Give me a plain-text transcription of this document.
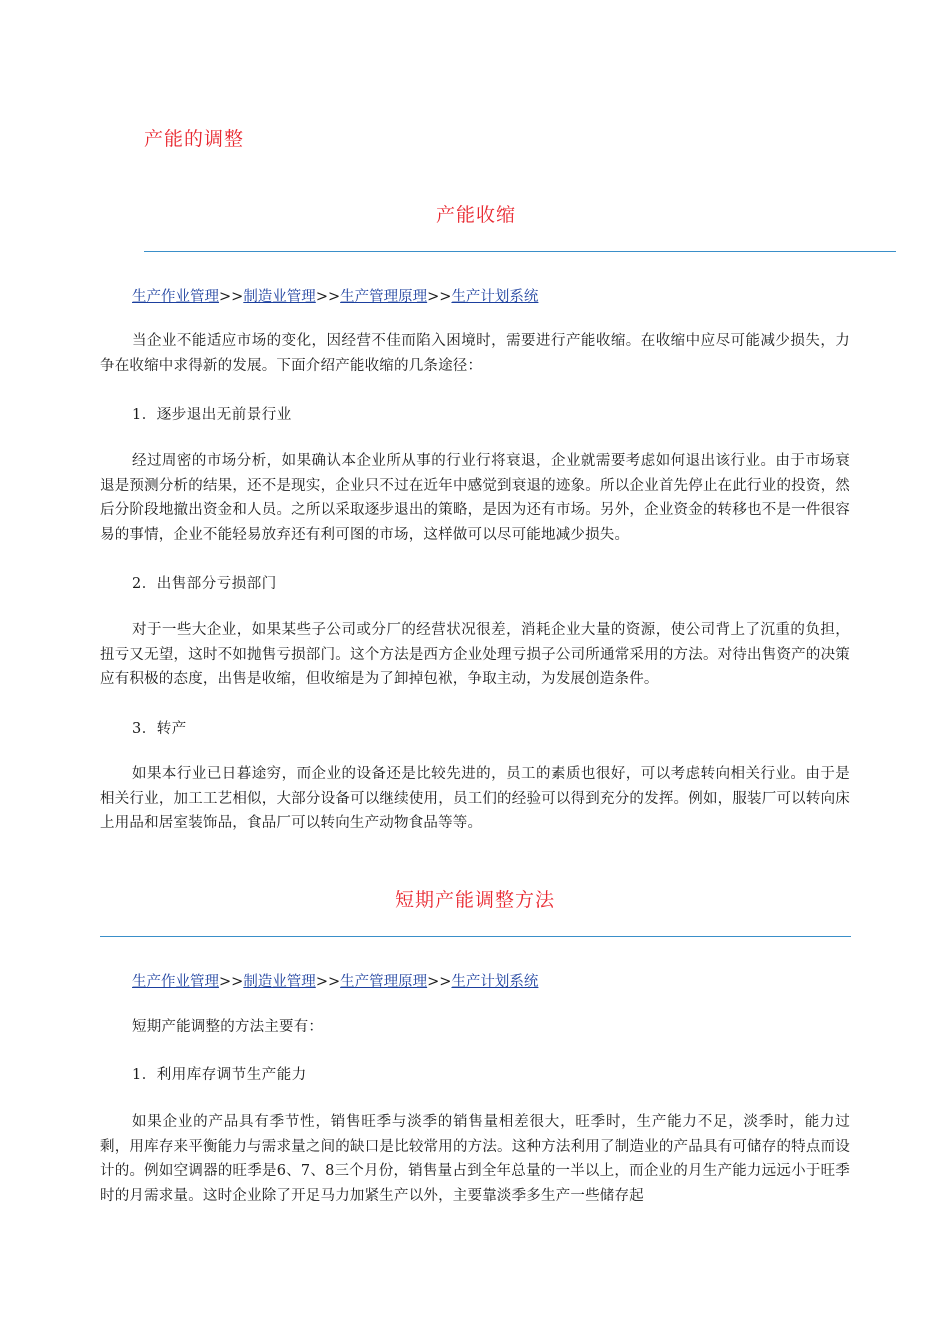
产能的调整
产能收缩
生产作业管理>>制造业管理>>生产管理原理>>生产计划系统

当企业不能适应市场的变化，因经营不佳而陷入困境时，需要进行产能收缩。在收缩中应尽可能减少损失，力争在收缩中求得新的发展。下面介绍产能收缩的几条途径：

1．逐步退出无前景行业

经过周密的市场分析，如果确认本企业所从事的行业行将衰退，企业就需要考虑如何退出该行业。由于市场衰退是预测分析的结果，还不是现实，企业只不过在近年中感觉到衰退的迹象。所以企业首先停止在此行业的投资，然后分阶段地撤出资金和人员。之所以采取逐步退出的策略，是因为还有市场。另外，企业资金的转移也不是一件很容易的事情，企业不能轻易放弃还有利可图的市场，这样做可以尽可能地减少损失。

2．出售部分亏损部门

对于一些大企业，如果某些子公司或分厂的经营状况很差，消耗企业大量的资源，使公司背上了沉重的负担，扭亏又无望，这时不如抛售亏损部门。这个方法是西方企业处理亏损子公司所通常采用的方法。对待出售资产的决策应有积极的态度，出售是收缩，但收缩是为了卸掉包袱，争取主动，为发展创造条件。

3．转产

如果本行业已日暮途穷，而企业的设备还是比较先进的，员工的素质也很好，可以考虑转向相关行业。由于是相关行业，加工工艺相似，大部分设备可以继续使用，员工们的经验可以得到充分的发挥。例如，服装厂可以转向床上用品和居室装饰品，食品厂可以转向生产动物食品等等。

短期产能调整方法
生产作业管理>>制造业管理>>生产管理原理>>生产计划系统

短期产能调整的方法主要有：

1．利用库存调节生产能力

如果企业的产品具有季节性，销售旺季与淡季的销售量相差很大，旺季时，生产能力不足，淡季时，能力过剩，用库存来平衡能力与需求量之间的缺口是比较常用的方法。这种方法利用了制造业的产品具有可储存的特点而设计的。例如空调器的旺季是6、7、8三个月份，销售量占到全年总量的一半以上，而企业的月生产能力远远小于旺季时的月需求量。这时企业除了开足马力加紧生产以外，主要靠淡季多生产一些储存起
